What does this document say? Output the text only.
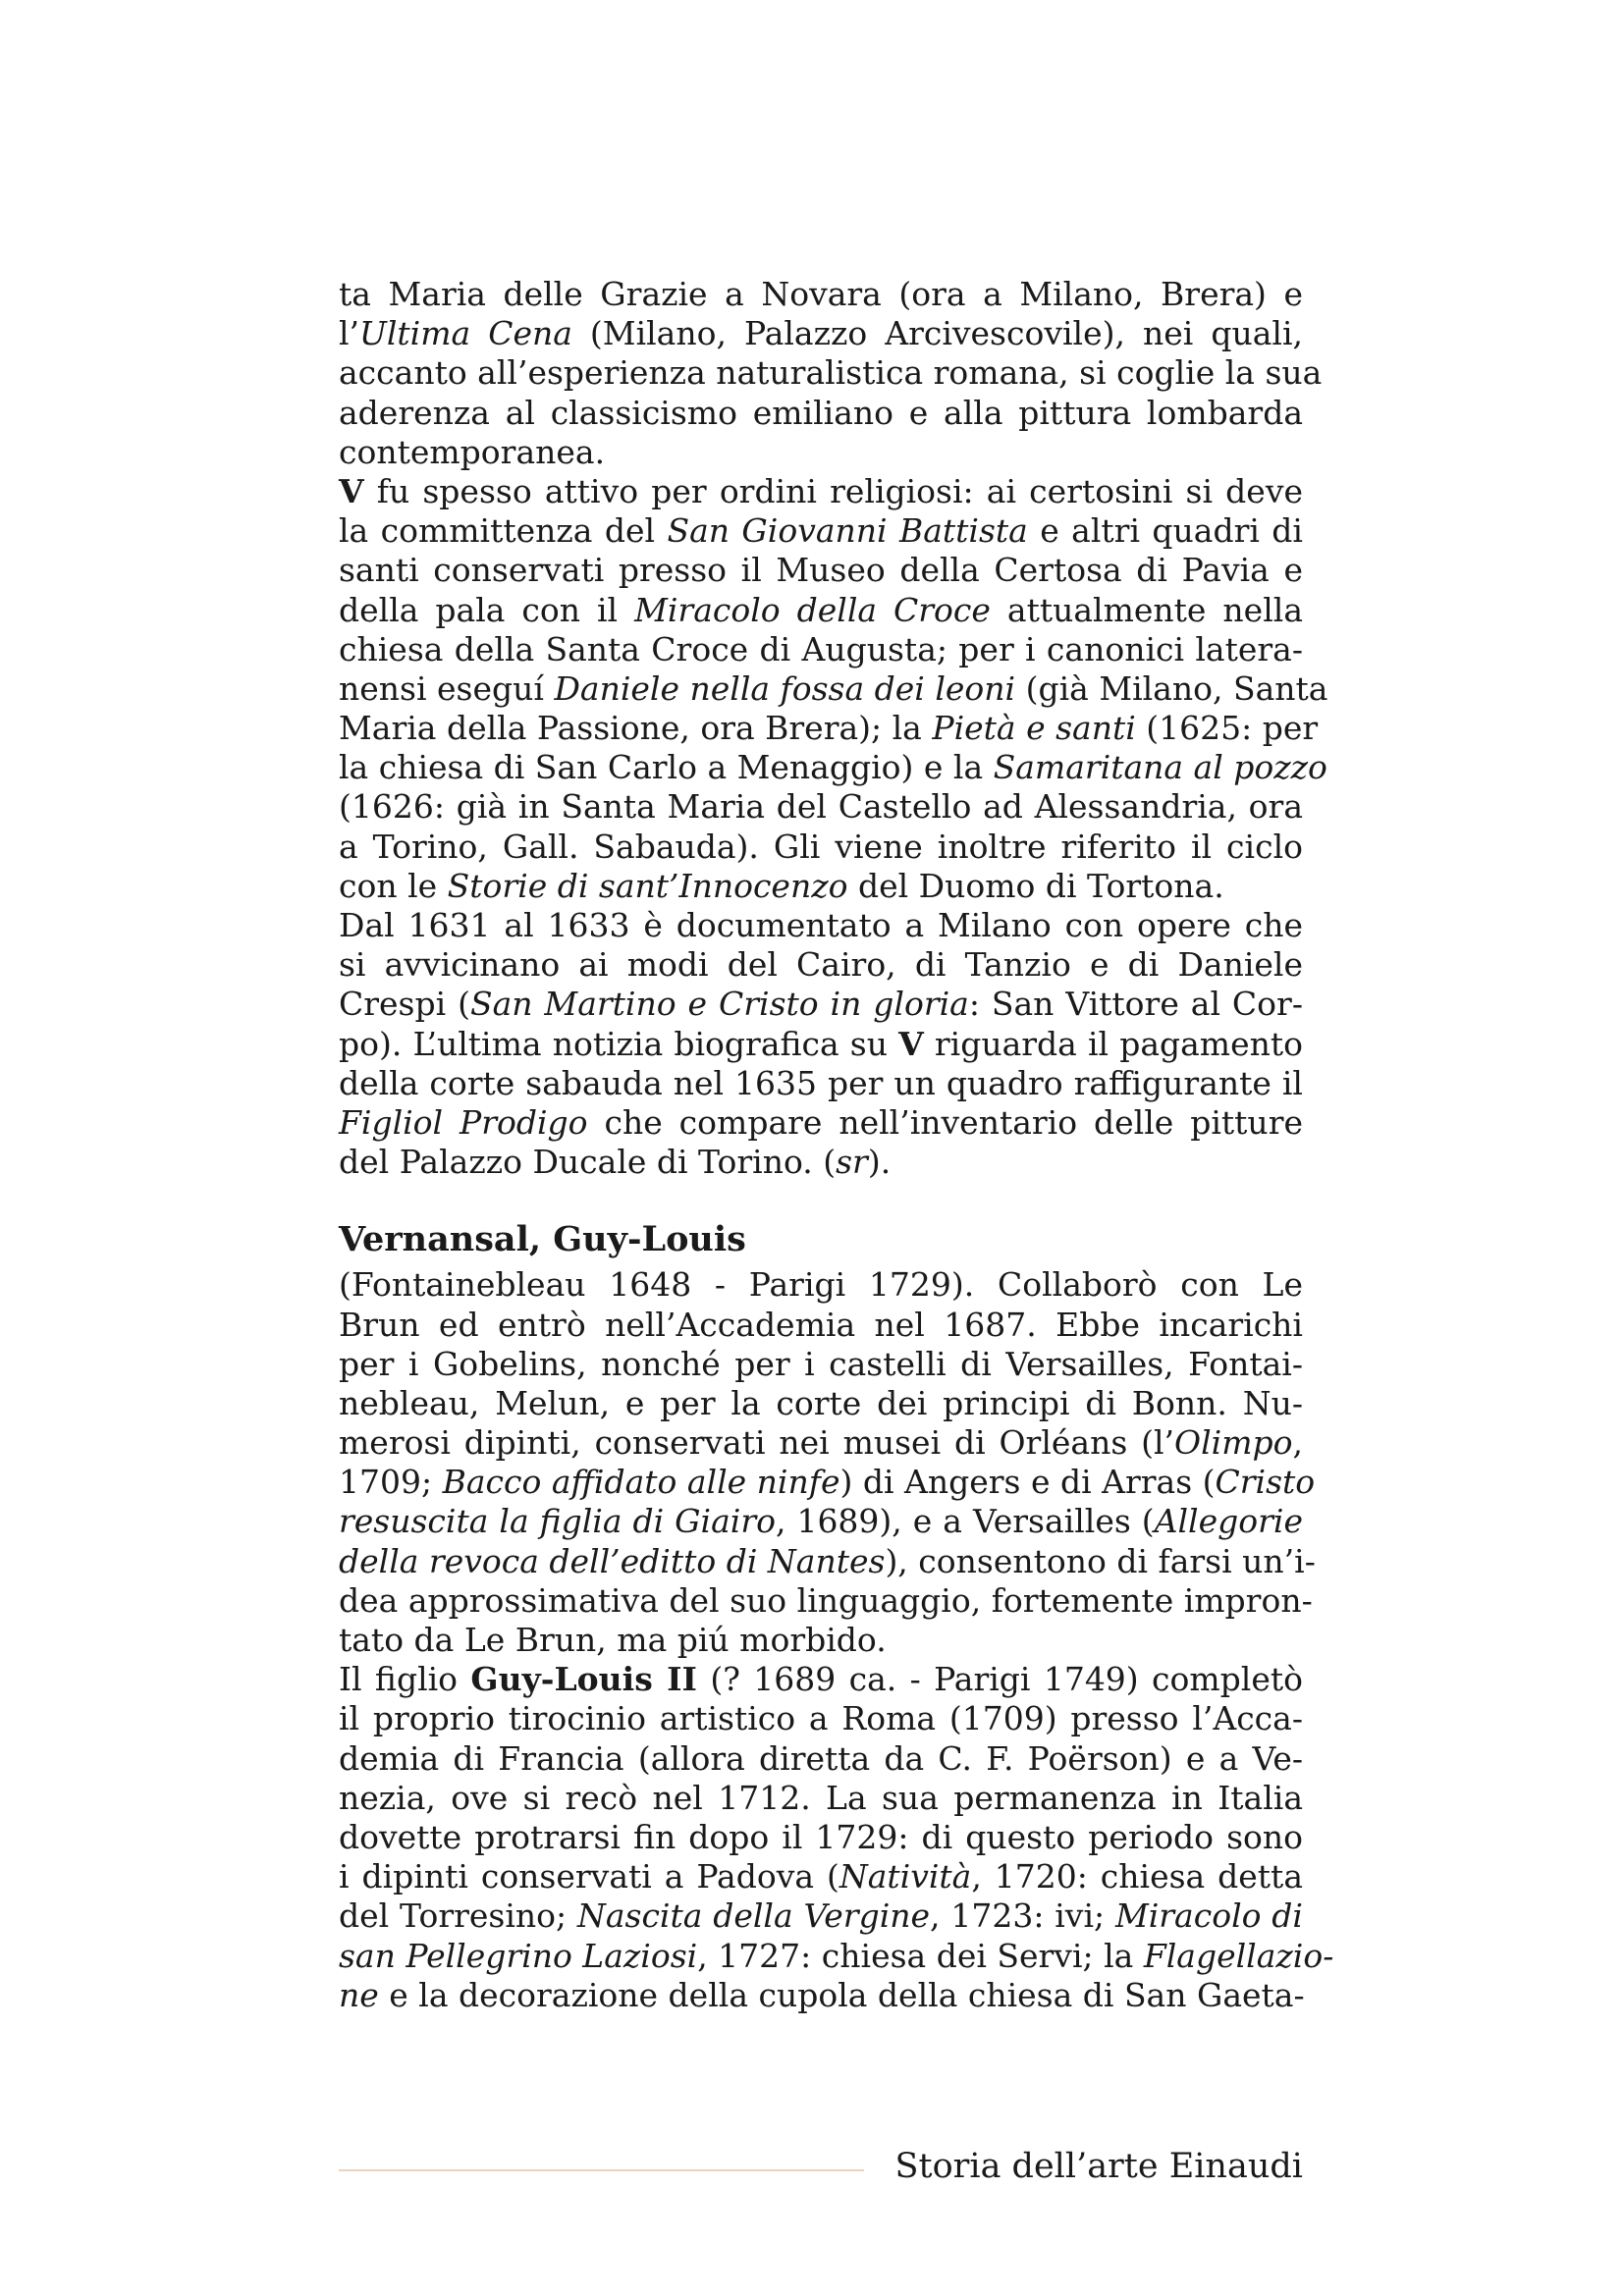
ta Maria delle Grazie a Novara (ora a Milano, Brera) e
l’Ultima Cena (Milano, Palazzo Arcivescovile), nei quali,
accanto all’esperienza naturalistica romana, si coglie la sua
aderenza al classicismo emiliano e alla pittura lombarda
contemporanea.
V fu spesso attivo per ordini religiosi: ai certosini si deve
la committenza del San Giovanni Battista e altri quadri di
santi conservati presso il Museo della Certosa di Pavia e
della pala con il Miracolo della Croce attualmente nella
chiesa della Santa Croce di Augusta; per i canonici latera-
nensi eseguí Daniele nella fossa dei leoni (già Milano, Santa
Maria della Passione, ora Brera); la Pietà e santi (1625: per
la chiesa di San Carlo a Menaggio) e la Samaritana al pozzo
(1626: già in Santa Maria del Castello ad Alessandria, ora
a Torino, Gall. Sabauda). Gli viene inoltre riferito il ciclo
con le Storie di sant’Innocenzo del Duomo di Tortona.
Dal 1631 al 1633 è documentato a Milano con opere che
si avvicinano ai modi del Cairo, di Tanzio e di Daniele
Crespi (San Martino e Cristo in gloria: San Vittore al Cor-
po). L’ultima notizia biografica su V riguarda il pagamento
della corte sabauda nel 1635 per un quadro raffigurante il
Figliol Prodigo che compare nell’inventario delle pitture
del Palazzo Ducale di Torino. (sr).
Vernansal, Guy-Louis
(Fontainebleau 1648 - Parigi 1729). Collaborò con Le
Brun ed entrò nell’Accademia nel 1687. Ebbe incarichi
per i Gobelins, nonché per i castelli di Versailles, Fontai-
nebleau, Melun, e per la corte dei principi di Bonn. Nu-
merosi dipinti, conservati nei musei di Orléans (l’Olimpo,
1709; Bacco affidato alle ninfe) di Angers e di Arras (Cristo
resuscita la figlia di Giairo, 1689), e a Versailles (Allegorie
della revoca dell’editto di Nantes), consentono di farsi un’i-
dea approssimativa del suo linguaggio, fortemente impron-
tato da Le Brun, ma piú morbido.
Il figlio Guy-Louis II (? 1689 ca. - Parigi 1749) completò
il proprio tirocinio artistico a Roma (1709) presso l’Acca-
demia di Francia (allora diretta da C. F. Poërson) e a Ve-
nezia, ove si recò nel 1712. La sua permanenza in Italia
dovette protrarsi fin dopo il 1729: di questo periodo sono
i dipinti conservati a Padova (Natività, 1720: chiesa detta
del Torresino; Nascita della Vergine, 1723: ivi; Miracolo di
san Pellegrino Laziosi, 1727: chiesa dei Servi; la Flagellazio-
ne e la decorazione della cupola della chiesa di San Gaeta-
Storia dell’arte Einaudi
